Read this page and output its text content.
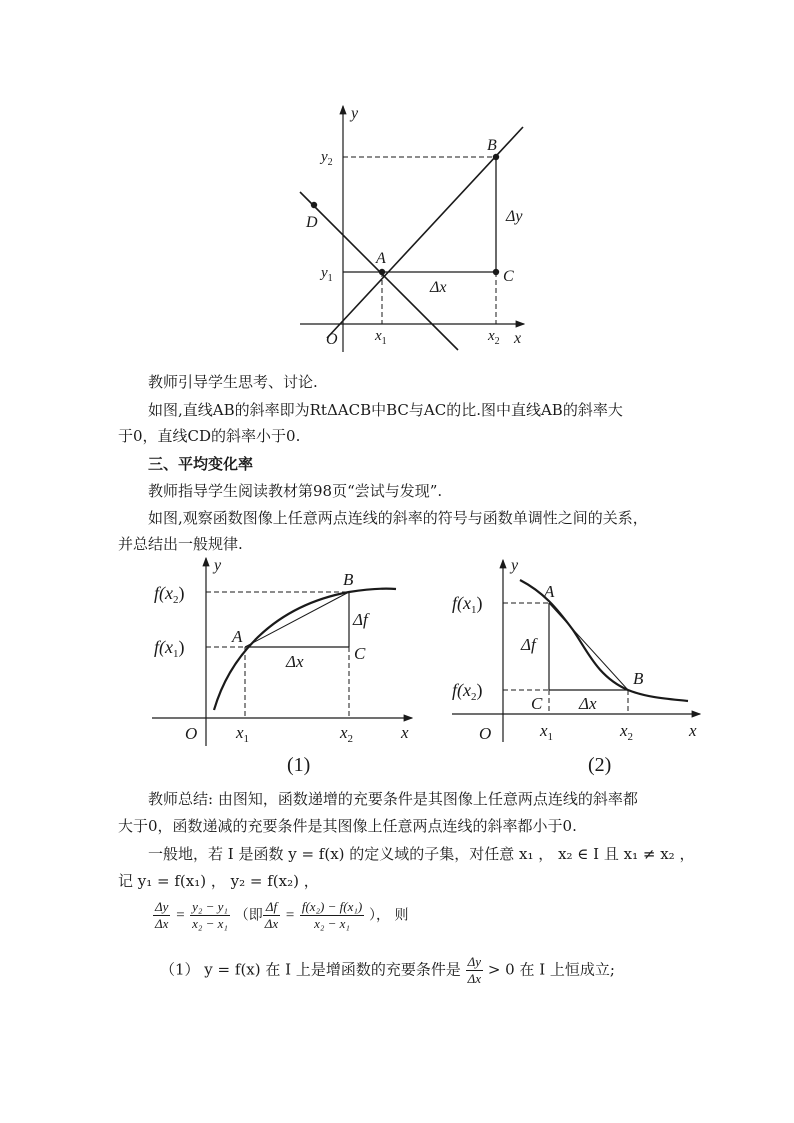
y
x
O
$y_2$
$y_1$
$x_1$	$x_2$
A
B
C
D
Δx
Δy
教师引导学生思考、讨论.
如图,直线AB的斜率即为RtΔACB中BC与AC的比.图中直线AB的斜率大
于0，直线CD的斜率小于0.
三、平均变化率
教师指导学生阅读教材第98页“尝试与发现”.
如图,观察函数图像上任意两点连线的斜率的符号与函数单调性之间的关系，
并总结出一般规律.
y
x
O
$f(x_2)$
$f(x_1)$
$x_1$	$x_2$
A
B
C
Δf
Δx
(1)
y
x
O
$f(x_1)$
$f(x_2)$
$x_1$	$x_2$
A
B
C
Δf
Δx
(2)
教师总结: 由图知，函数递增的充要条件是其图像上任意两点连线的斜率都
大于0，函数递减的充要条件是其图像上任意两点连线的斜率都小于0.
一般地，若 I 是函数 y = f(x) 的定义域的子集，对任意 x₁ ， x₂ ∈ I 且 x₁ ≠ x₂ ，
记 y₁ = f(x₁) ， y₂ = f(x₂) ，
$\frac{\Delta y}{\Delta x} = \frac{\text{y₂ − y₁}}{\text{x₂ − x₁}}$ （即 $\frac{\Delta f}{\Delta x} = \frac{\text{f(x₂) − f(x₁)}}{\text{x₂ − x₁}}$ ）， 则
（1） y = f(x) 在 I 上是增函数的充要条件是 $\frac{\Delta y}{\Delta x} > 0$ 在 I 上恒成立;
